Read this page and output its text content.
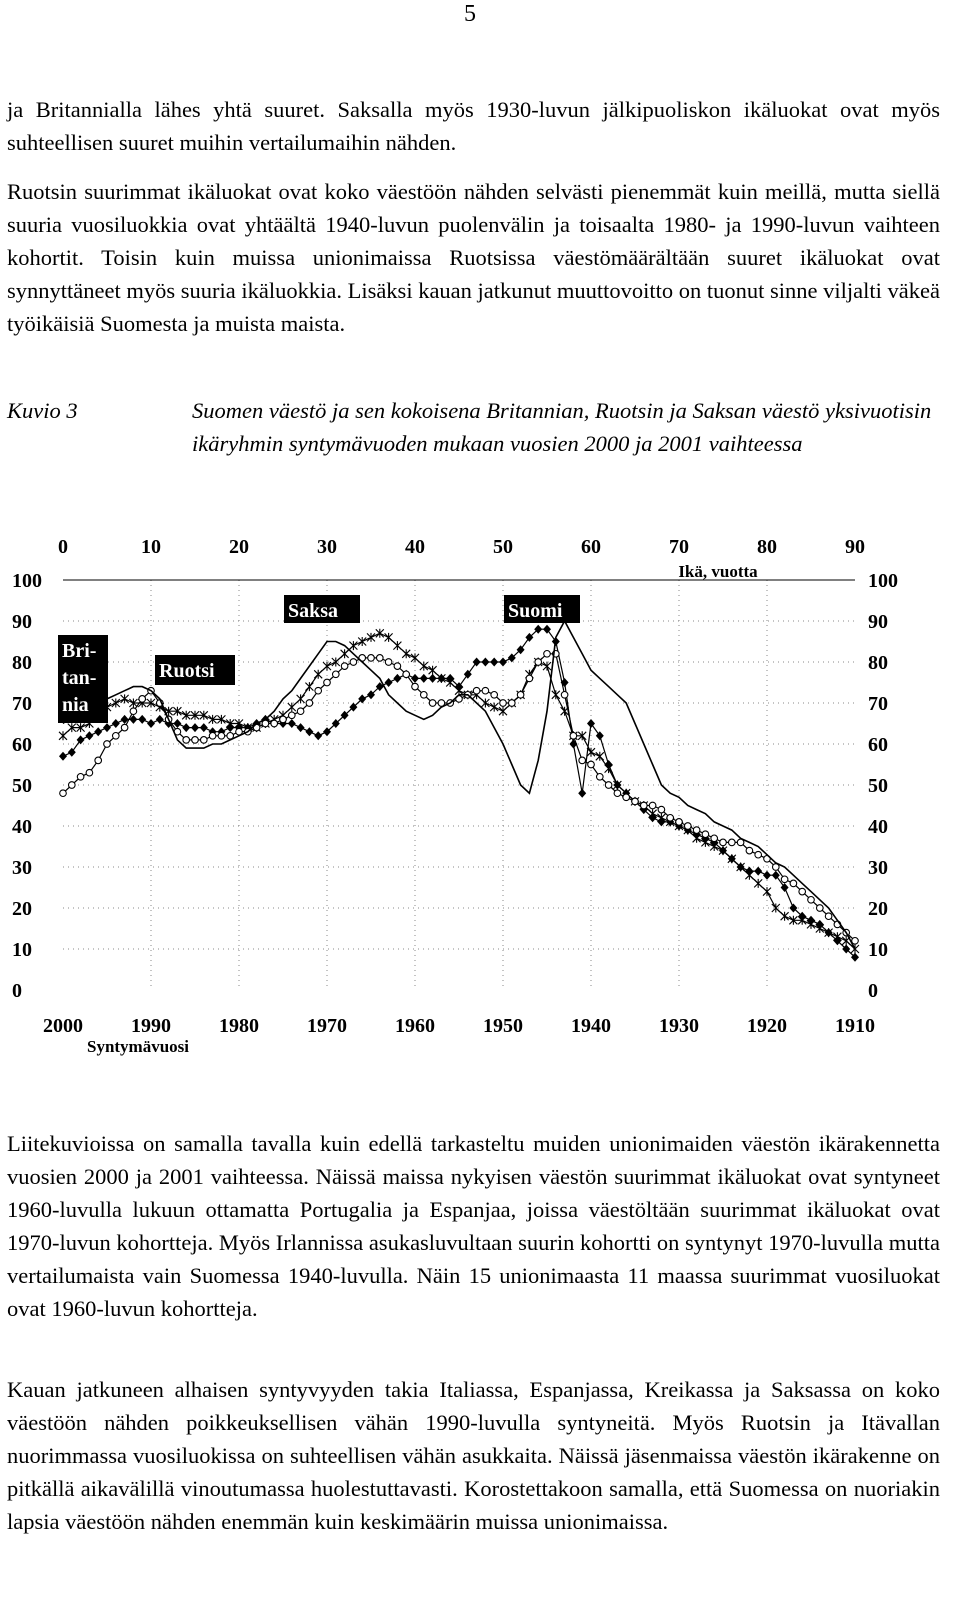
5

ja Britannialla lähes yhtä suuret. Saksalla myös 1930-luvun jälkipuoliskon ikäluokat ovat myös suhteellisen suuret muihin vertailumaihin nähden.

Ruotsin suurimmat ikäluokat ovat koko väestöön nähden selvästi pienemmät kuin meillä, mutta siellä suuria vuosiluokkia ovat yhtäältä 1940-luvun puolenvälin ja toisaalta 1980- ja 1990-luvun vaihteen kohortit. Toisin kuin muissa unionimaissa Ruotsissa väestömäärältään suuret ikäluokat ovat synnyttäneet myös suuria ikäluokkia. Lisäksi kauan jatkunut muuttovoitto on tuonut sinne viljalti väkeä työikäisiä Suomesta ja muista maista.

Kuvio 3	Suomen väestö ja sen kokoisena Britannian, Ruotsin ja Saksan väestö yksivuotisin ikäryhmin syntymävuoden mukaan vuosien 2000 ja 2001 vaihteessa

0	10	20	30	40	50	60	70	80	90
2000 1990 1980 1970 1960 1950 1940 1930 1920 1910
100
90
80
70
60
50
40
30
20
10
0
100
90
80
70
60
50
40
30
20
10
0
Ikä, vuotta
Syntymävuosi
Saksa	Suomi
Ruotsi
Bri-
tan-
nia

Liitekuvioissa on samalla tavalla kuin edellä tarkasteltu muiden unionimaiden väestön ikärakennetta vuosien 2000 ja 2001 vaihteessa. Näissä maissa nykyisen väestön suurimmat ikäluokat ovat syntyneet 1960-luvulla lukuun ottamatta Portugalia ja Espanjaa, joissa väestöltään suurimmat ikäluokat ovat 1970-luvun kohortteja. Myös Irlannissa asukasluvultaan suurin kohortti on syntynyt 1970-luvulla mutta vertailumaista vain Suomessa 1940-luvulla. Näin 15 unionimaasta 11 maassa suurimmat vuosiluokat ovat 1960-luvun kohortteja.

Kauan jatkuneen alhaisen syntyvyyden takia Italiassa, Espanjassa, Kreikassa ja Saksassa on koko väestöön nähden poikkeuksellisen vähän 1990-luvulla syntyneitä. Myös Ruotsin ja Itävallan nuorimmassa vuosiluokissa on suhteellisen vähän asukkaita. Näissä jäsenmaissa väestön ikärakenne on pitkällä aikavälillä vinoutumassa huolestuttavasti. Korostettakoon samalla, että Suomessa on nuoriakin lapsia väestöön nähden enemmän kuin keskimäärin muissa unionimaissa.
